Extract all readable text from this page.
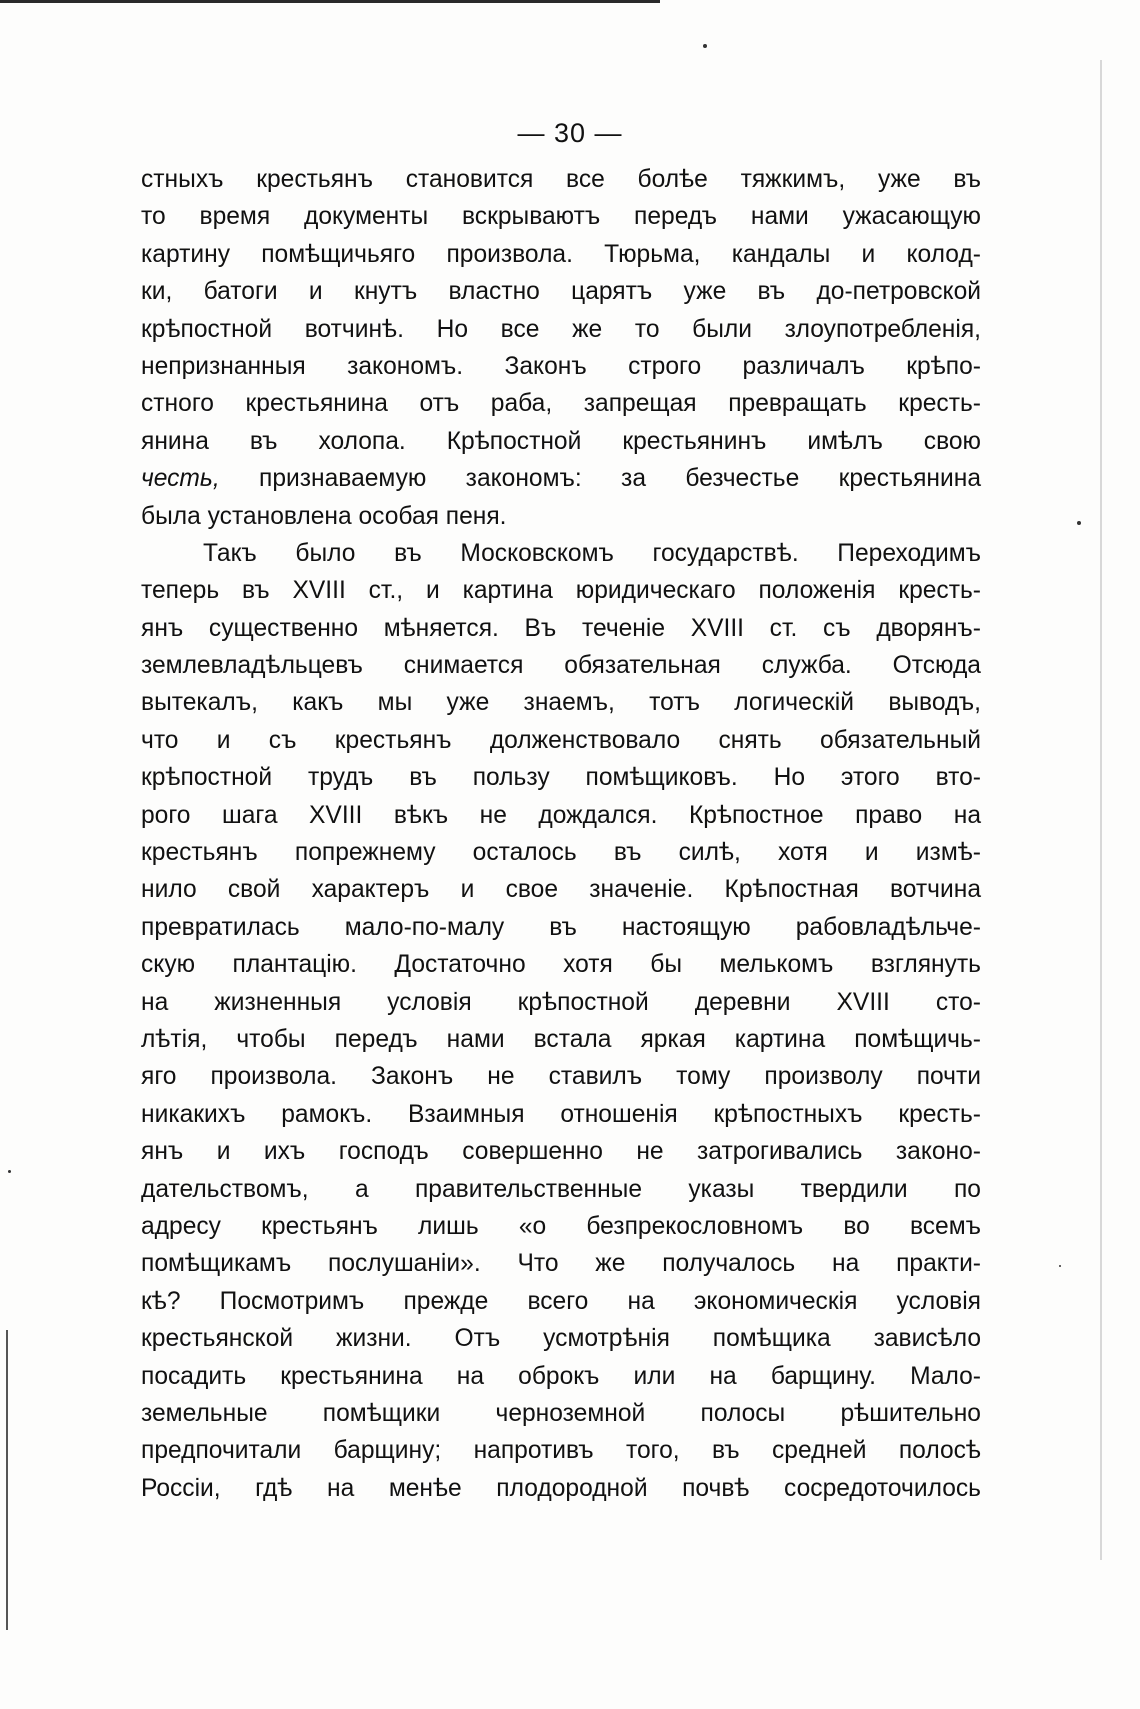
— 30 —
стныхъ крестьянъ становится все болѣе тяжкимъ, уже въ
то время документы вскрываютъ передъ нами ужасающую
картину помѣщичьяго произвола. Тюрьма, кандалы и колод-
ки, батоги и кнутъ властно царятъ уже въ до-петровской
крѣпостной вотчинѣ. Но все же то были злоупотребленія,
непризнанныя закономъ. Законъ строго различалъ крѣпо-
стного крестьянина отъ раба, запрещая превращать кресть-
янина въ холопа. Крѣпостной крестьянинъ имѣлъ свою
честь, признаваемую закономъ: за безчестье крестьянина
была установлена особая пеня.
Такъ было въ Московскомъ государствѣ. Переходимъ
теперь въ XVIII ст., и картина юридическаго положенія кресть-
янъ существенно мѣняется. Въ теченіе XVIII ст. съ дворянъ-
землевладѣльцевъ снимается обязательная служба. Отсюда
вытекалъ, какъ мы уже знаемъ, тотъ логическій выводъ,
что и съ крестьянъ долженствовало снять обязательный
крѣпостной трудъ въ пользу помѣщиковъ. Но этого вто-
рого шага XVIII вѣкъ не дождался. Крѣпостное право на
крестьянъ попрежнему осталось въ силѣ, хотя и измѣ-
нило свой характеръ и свое значеніе. Крѣпостная вотчина
превратилась мало-по-малу въ настоящую рабовладѣльче-
скую плантацію. Достаточно хотя бы мелькомъ взглянуть
на жизненныя условія крѣпостной деревни XVIII сто-
лѣтія, чтобы передъ нами встала яркая картина помѣщичь-
яго произвола. Законъ не ставилъ тому произволу почти
никакихъ рамокъ. Взаимныя отношенія крѣпостныхъ кресть-
янъ и ихъ господъ совершенно не затрогивались законо-
дательствомъ, а правительственные указы твердили по
адресу крестьянъ лишь «о безпрекословномъ во всемъ
помѣщикамъ послушаніи». Что же получалось на практи-
кѣ? Посмотримъ прежде всего на экономическія условія
крестьянской жизни. Отъ усмотрѣнія помѣщика зависѣло
посадить крестьянина на оброкъ или на барщину. Мало-
земельные помѣщики черноземной полосы рѣшительно
предпочитали барщину; напротивъ того, въ средней полосѣ
Россіи, гдѣ на менѣе плодородной почвѣ сосредоточилось
